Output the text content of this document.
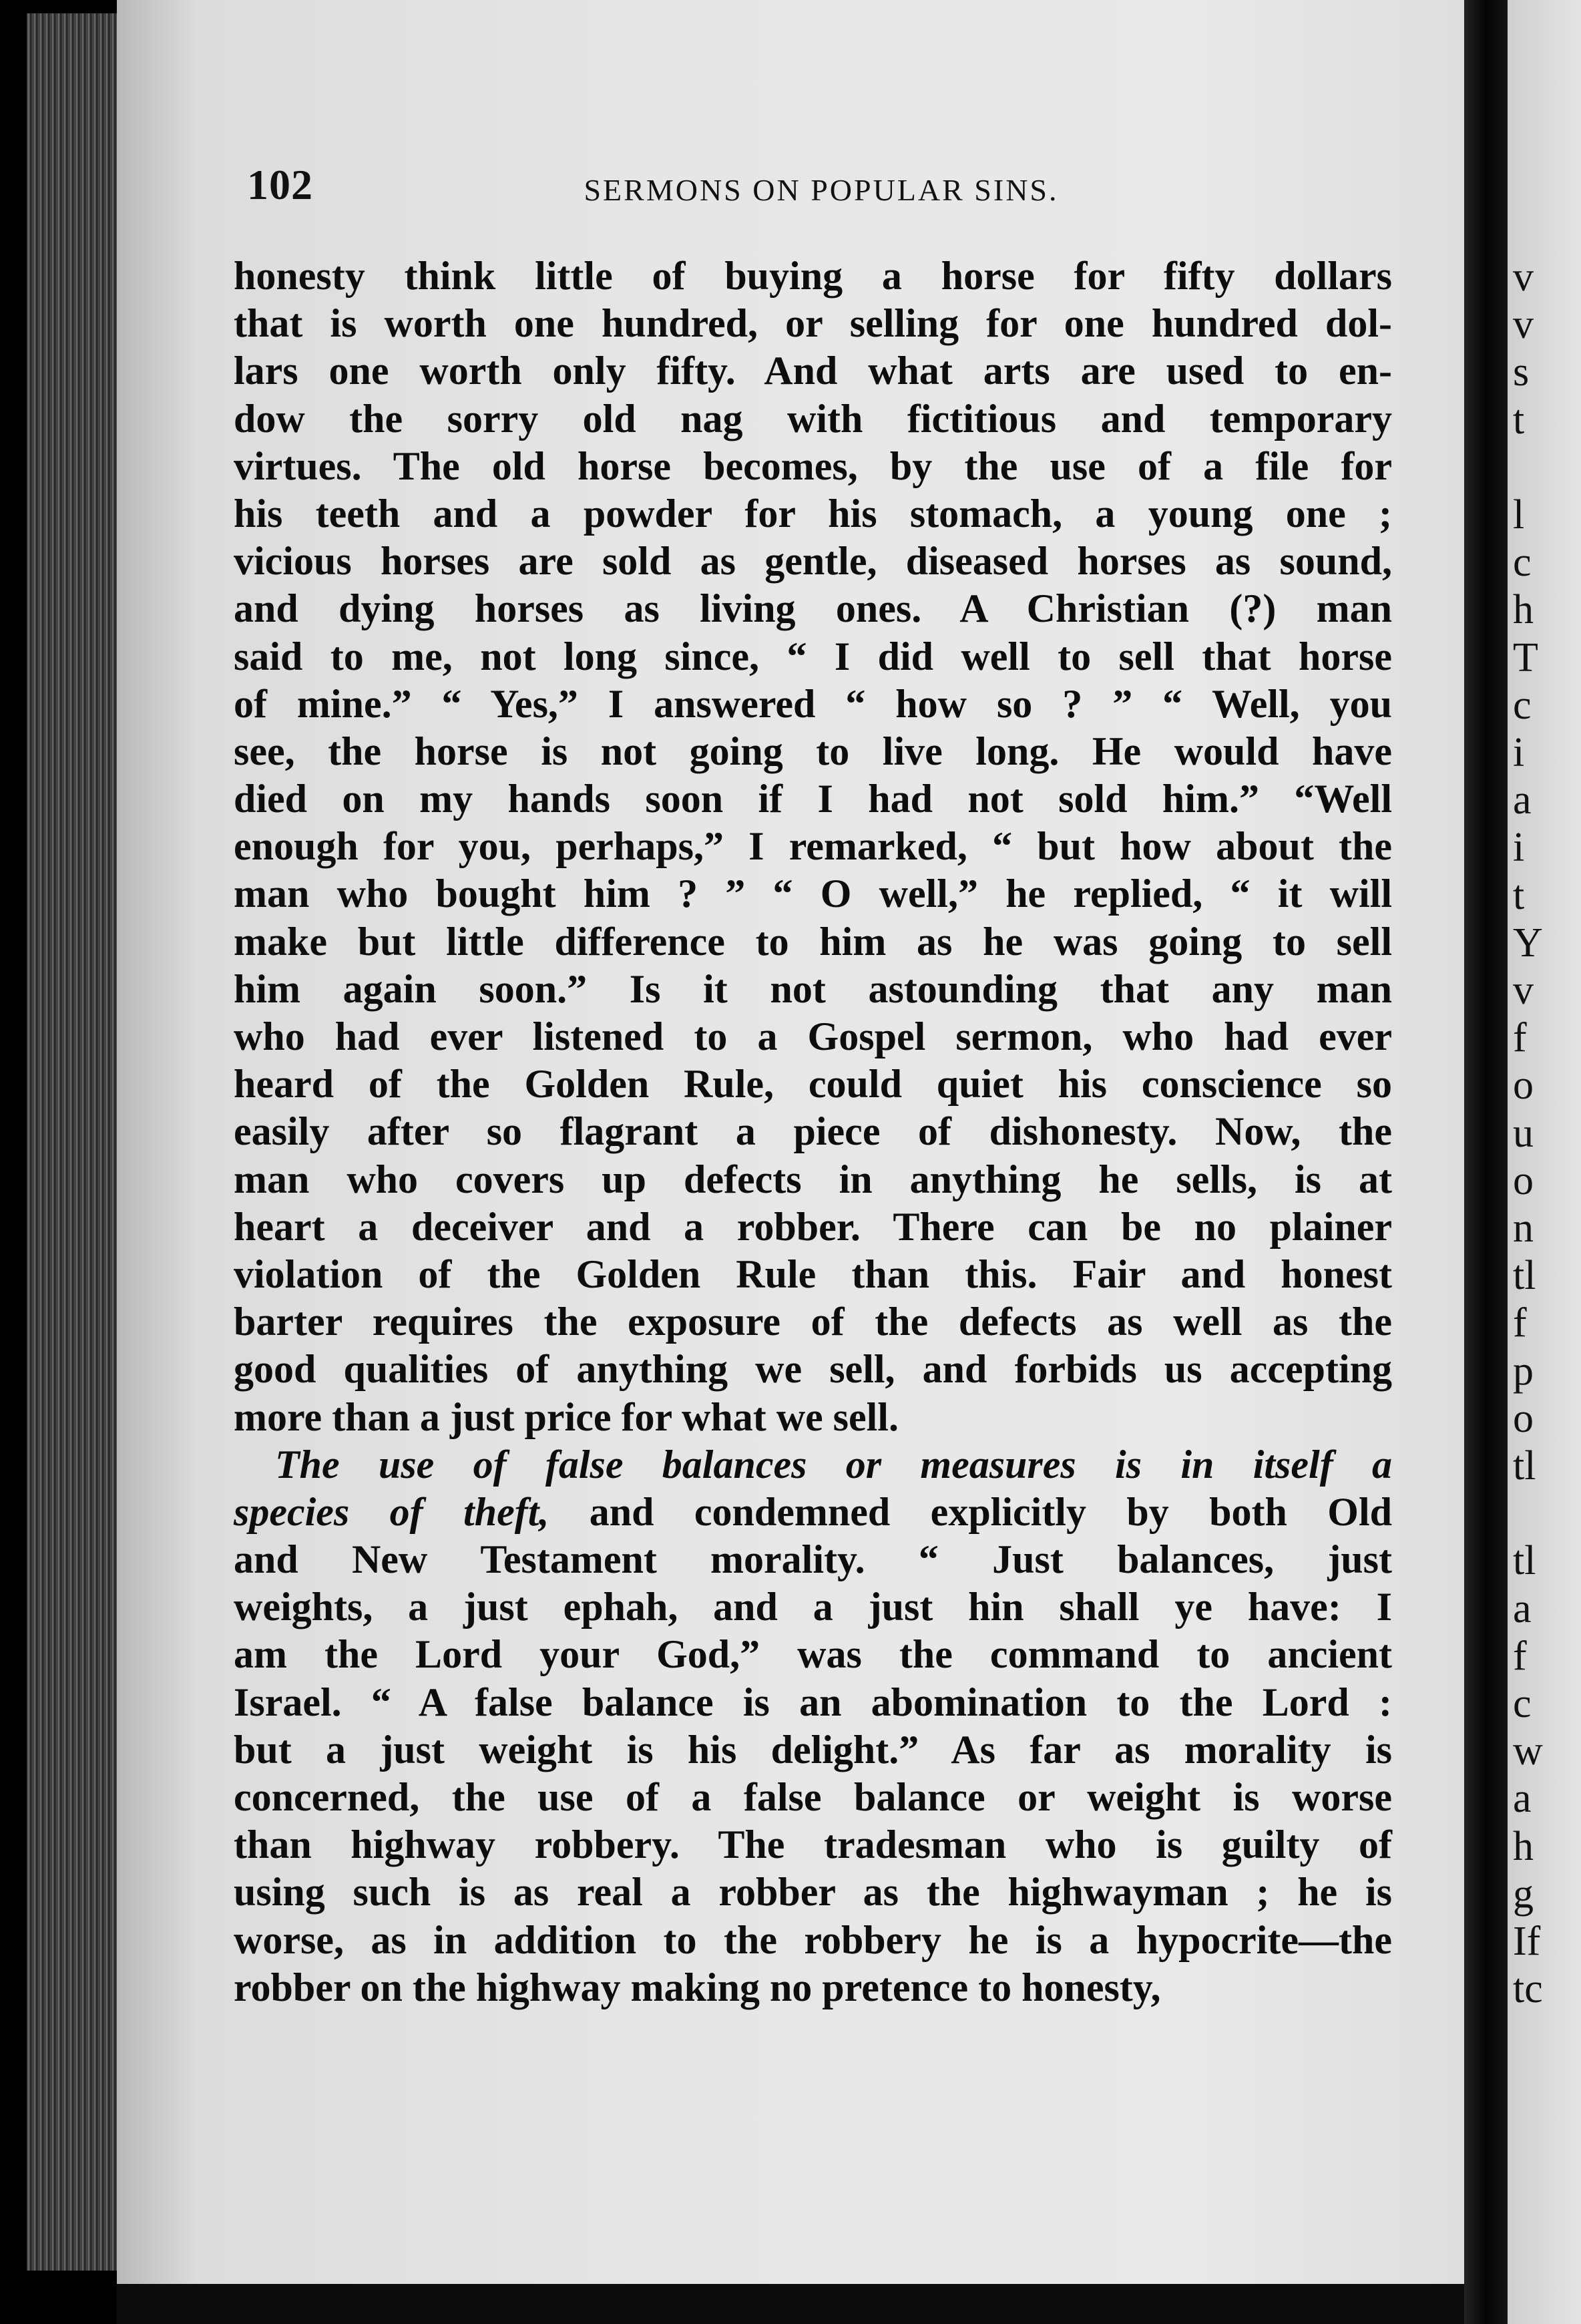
v
v
s
t
l
c
h
T
c
i
a
i
t
Y
v
f
o
u
o
n
tl
f
p
o
tl
tl
a
f
c
w
a
h
g
If
tc
102	SERMONS ON POPULAR SINS.
honesty think little of buying a horse for fifty dollars
that is worth one hundred, or selling for one hundred dol-
lars one worth only fifty. And what arts are used to en-
dow the sorry old nag with fictitious and temporary
virtues. The old horse becomes, by the use of a file for
his teeth and a powder for his stomach, a young one ;
vicious horses are sold as gentle, diseased horses as sound,
and dying horses as living ones. A Christian (?) man
said to me, not long since, “ I did well to sell that horse
of mine.” “ Yes,” I answered “ how so ? ” “ Well, you
see, the horse is not going to live long. He would have
died on my hands soon if I had not sold him.” “Well
enough for you, perhaps,” I remarked, “ but how about the
man who bought him ? ” “ O well,” he replied, “ it will
make but little difference to him as he was going to sell
him again soon.” Is it not astounding that any man
who had ever listened to a Gospel sermon, who had ever
heard of the Golden Rule, could quiet his conscience so
easily after so flagrant a piece of dishonesty. Now, the
man who covers up defects in anything he sells, is at
heart a deceiver and a robber. There can be no plainer
violation of the Golden Rule than this. Fair and honest
barter requires the exposure of the defects as well as the
good qualities of anything we sell, and forbids us accepting
more than a just price for what we sell.
The use of false balances or measures is in itself a
species of theft, and condemned explicitly by both Old
and New Testament morality. “ Just balances, just
weights, a just ephah, and a just hin shall ye have: I
am the Lord your God,” was the command to ancient
Israel. “ A false balance is an abomination to the Lord :
but a just weight is his delight.” As far as morality is
concerned, the use of a false balance or weight is worse
than highway robbery. The tradesman who is guilty of
using such is as real a robber as the highwayman ; he is
worse, as in addition to the robbery he is a hypocrite—the
robber on the highway making no pretence to honesty,
